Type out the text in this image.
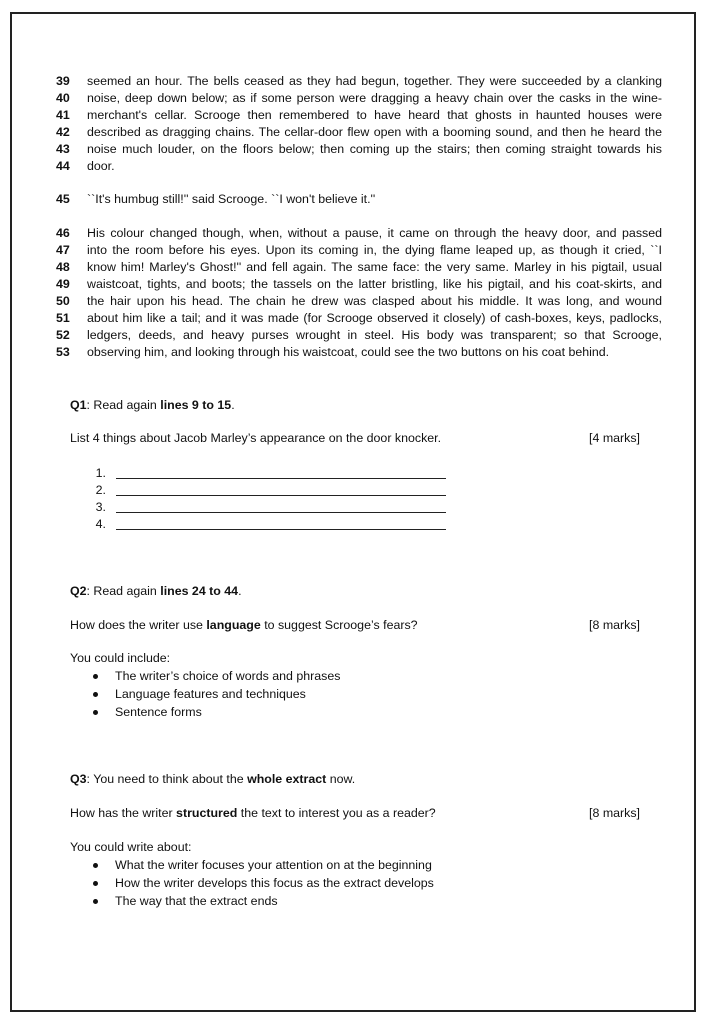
39	seemed an hour. The bells ceased as they had begun, together. They were succeeded by a clanking
40	noise, deep down below; as if some person were dragging a heavy chain over the casks in the wine-
41	merchant's cellar. Scrooge then remembered to have heard that ghosts in haunted houses were
42	described as dragging chains. The cellar-door flew open with a booming sound, and then he heard the
43	noise much louder, on the floors below; then coming up the stairs; then coming straight towards his
44	door.
45	``It's humbug still!'' said Scrooge. ``I won't believe it.''
46	His colour changed though, when, without a pause, it came on through the heavy door, and passed
47	into the room before his eyes. Upon its coming in, the dying flame leaped up, as though it cried, ``I
48	know him! Marley's Ghost!'' and fell again. The same face: the very same. Marley in his pigtail, usual
49	waistcoat, tights, and boots; the tassels on the latter bristling, like his pigtail, and his coat-skirts, and
50	the hair upon his head. The chain he drew was clasped about his middle. It was long, and wound
51	about him like a tail; and it was made (for Scrooge observed it closely) of cash-boxes, keys, padlocks,
52	ledgers, deeds, and heavy purses wrought in steel. His body was transparent; so that Scrooge,
53	observing him, and looking through his waistcoat, could see the two buttons on his coat behind.
Q1: Read again lines 9 to 15.
List 4 things about Jacob Marley’s appearance on the door knocker.	[4 marks]
1.
2.
3.
4.
Q2: Read again lines 24 to 44.
How does the writer use language to suggest Scrooge’s fears?	[8 marks]
You could include:
The writer’s choice of words and phrases
Language features and techniques
Sentence forms
Q3: You need to think about the whole extract now.
How has the writer structured the text to interest you as a reader?	[8 marks]
You could write about:
What the writer focuses your attention on at the beginning
How the writer develops this focus as the extract develops
The way that the extract ends
